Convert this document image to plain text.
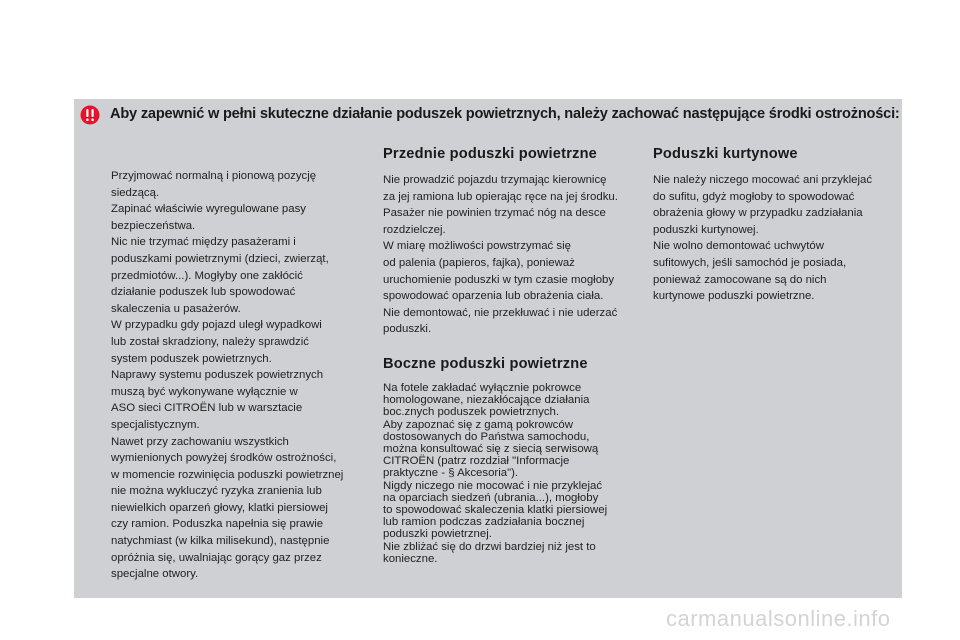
Aby zapewnić w pełni skuteczne działanie poduszek powietrznych, należy zachować następujące środki ostrożności:

Przyjmować normalną i pionową pozycję

siedzącą.

Zapinać właściwie wyregulowane pasy

bezpieczeństwa.

Nic nie trzymać między pasażerami i

poduszkami powietrznymi (dzieci, zwierząt,

przedmiotów...). Mogłyby one zakłócić

działanie poduszek lub spowodować

skaleczenia u pasażerów.

W przypadku gdy pojazd uległ wypadkowi

lub został skradziony, należy sprawdzić

system poduszek powietrznych.

Naprawy systemu poduszek powietrznych

muszą być wykonywane wyłącznie w

ASO sieci CITROËN lub w warsztacie

specjalistycznym.

Nawet przy zachowaniu wszystkich

wymienionych powyżej środków ostrożności,

w momencie rozwinięcia poduszki powietrznej

nie można wykluczyć ryzyka zranienia lub

niewielkich oparzeń głowy, klatki piersiowej

czy ramion. Poduszka napełnia się prawie

natychmiast (w kilka milisekund), następnie

opróżnia się, uwalniając gorący gaz przez

specjalne otwory.

Przednie poduszki powietrzne

Nie prowadzić pojazdu trzymając kierownicę

za jej ramiona lub opierając ręce na jej środku.

Pasażer nie powinien trzymać nóg na desce

rozdzielczej.

W miarę możliwości powstrzymać się

od palenia (papieros, fajka), ponieważ

uruchomienie poduszki w tym czasie mogłoby

spowodować oparzenia lub obrażenia ciała.

Nie demontować, nie przekłuwać i nie uderzać

poduszki.

Boczne poduszki powietrzne

Na fotele zakładać wyłącznie pokrowce

homologowane, niezakłócające działania

boc.znych poduszek powietrznych.

Aby zapoznać się z gamą pokrowców

dostosowanych do Państwa samochodu,

można konsultować się z siecią serwisową

CITROËN (patrz rozdział "Informacje

praktyczne - § Akcesoria").

Nigdy niczego nie mocować i nie przyklejać

na oparciach siedzeń (ubrania...), mogłoby

to spowodować skaleczenia klatki piersiowej

lub ramion podczas zadziałania bocznej

poduszki powietrznej.

Nie zbliżać się do drzwi bardziej niż jest to

konieczne.

Poduszki kurtynowe

Nie należy niczego mocować ani przyklejać

do sufitu, gdyż mogłoby to spowodować

obrażenia głowy w przypadku zadziałania

poduszki kurtynowej.

Nie wolno demontować uchwytów

sufitowych, jeśli samochód je posiada,

ponieważ zamocowane są do nich

kurtynowe poduszki powietrzne.

carmanualsonline.info
